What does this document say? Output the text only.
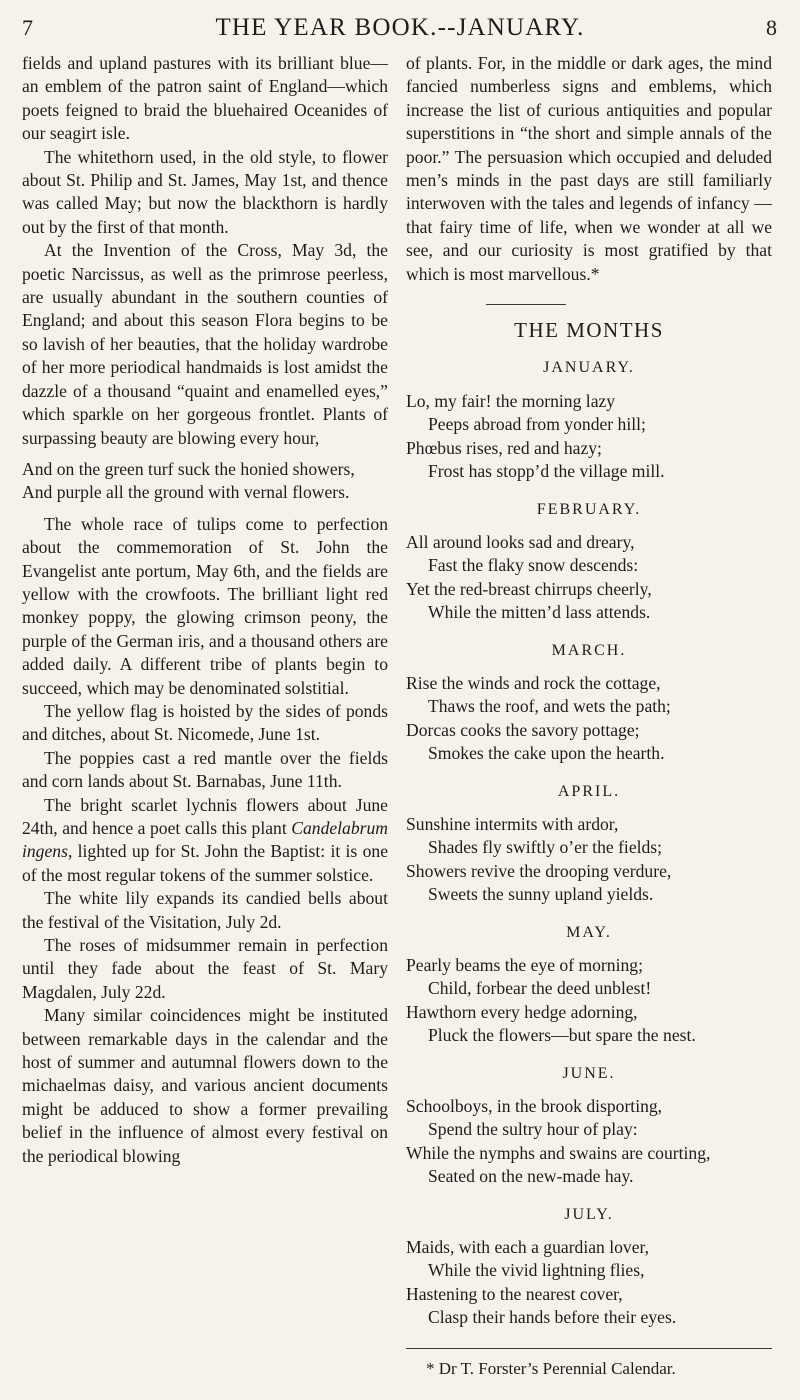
7	THE YEAR BOOK.--JANUARY.	8

fields and upland pastures with its brilliant blue—an emblem of the patron saint of England—which poets feigned to braid the bluehaired Oceanides of our seagirt isle.

The whitethorn used, in the old style, to flower about St. Philip and St. James, May 1st, and thence was called May; but now the blackthorn is hardly out by the first of that month.

At the Invention of the Cross, May 3d, the poetic Narcissus, as well as the primrose peerless, are usually abundant in the southern counties of England; and about this season Flora begins to be so lavish of her beauties, that the holiday wardrobe of her more periodical handmaids is lost amidst the dazzle of a thousand “quaint and enamelled eyes,” which sparkle on her gorgeous frontlet. Plants of surpassing beauty are blowing every hour,

And on the green turf suck the honied showers,

And purple all the ground with vernal flowers.

The whole race of tulips come to perfection about the commemoration of St. John the Evangelist ante portum, May 6th, and the fields are yellow with the crowfoots. The brilliant light red monkey poppy, the glowing crimson peony, the purple of the German iris, and a thousand others are added daily. A different tribe of plants begin to succeed, which may be denominated solstitial.

The yellow flag is hoisted by the sides of ponds and ditches, about St. Nicomede, June 1st.

The poppies cast a red mantle over the fields and corn lands about St. Barnabas, June 11th.

The bright scarlet lychnis flowers about June 24th, and hence a poet calls this plant Candelabrum ingens, lighted up for St. John the Baptist: it is one of the most regular tokens of the summer solstice.

The white lily expands its candied bells about the festival of the Visitation, July 2d.

The roses of midsummer remain in perfection until they fade about the feast of St. Mary Magdalen, July 22d.

Many similar coincidences might be instituted between remarkable days in the calendar and the host of summer and autumnal flowers down to the michaelmas daisy, and various ancient documents might be adduced to show a former prevailing belief in the influence of almost every festival on the periodical blowing

of plants. For, in the middle or dark ages, the mind fancied numberless signs and emblems, which increase the list of curious antiquities and popular superstitions in “the short and simple annals of the poor.” The persuasion which occupied and deluded men’s minds in the past days are still familiarly interwoven with the tales and legends of infancy —that fairy time of life, when we wonder at all we see, and our curiosity is most gratified by that which is most marvellous.*

THE MONTHS
JANUARY.
Lo, my fair! the morning lazy
Peeps abroad from yonder hill;
Phœbus rises, red and hazy;
Frost has stopp’d the village mill.
FEBRUARY.
All around looks sad and dreary,
Fast the flaky snow descends:
Yet the red-breast chirrups cheerly,
While the mitten’d lass attends.
MARCH.
Rise the winds and rock the cottage,
Thaws the roof, and wets the path;
Dorcas cooks the savory pottage;
Smokes the cake upon the hearth.
APRIL.
Sunshine intermits with ardor,
Shades fly swiftly o’er the fields;
Showers revive the drooping verdure,
Sweets the sunny upland yields.
MAY.
Pearly beams the eye of morning;
Child, forbear the deed unblest!
Hawthorn every hedge adorning,
Pluck the flowers—but spare the nest.
JUNE.
Schoolboys, in the brook disporting,
Spend the sultry hour of play:
While the nymphs and swains are courting,
Seated on the new-made hay.
JULY.
Maids, with each a guardian lover,
While the vivid lightning flies,
Hastening to the nearest cover,
Clasp their hands before their eyes.
* Dr T. Forster’s Perennial Calendar.
